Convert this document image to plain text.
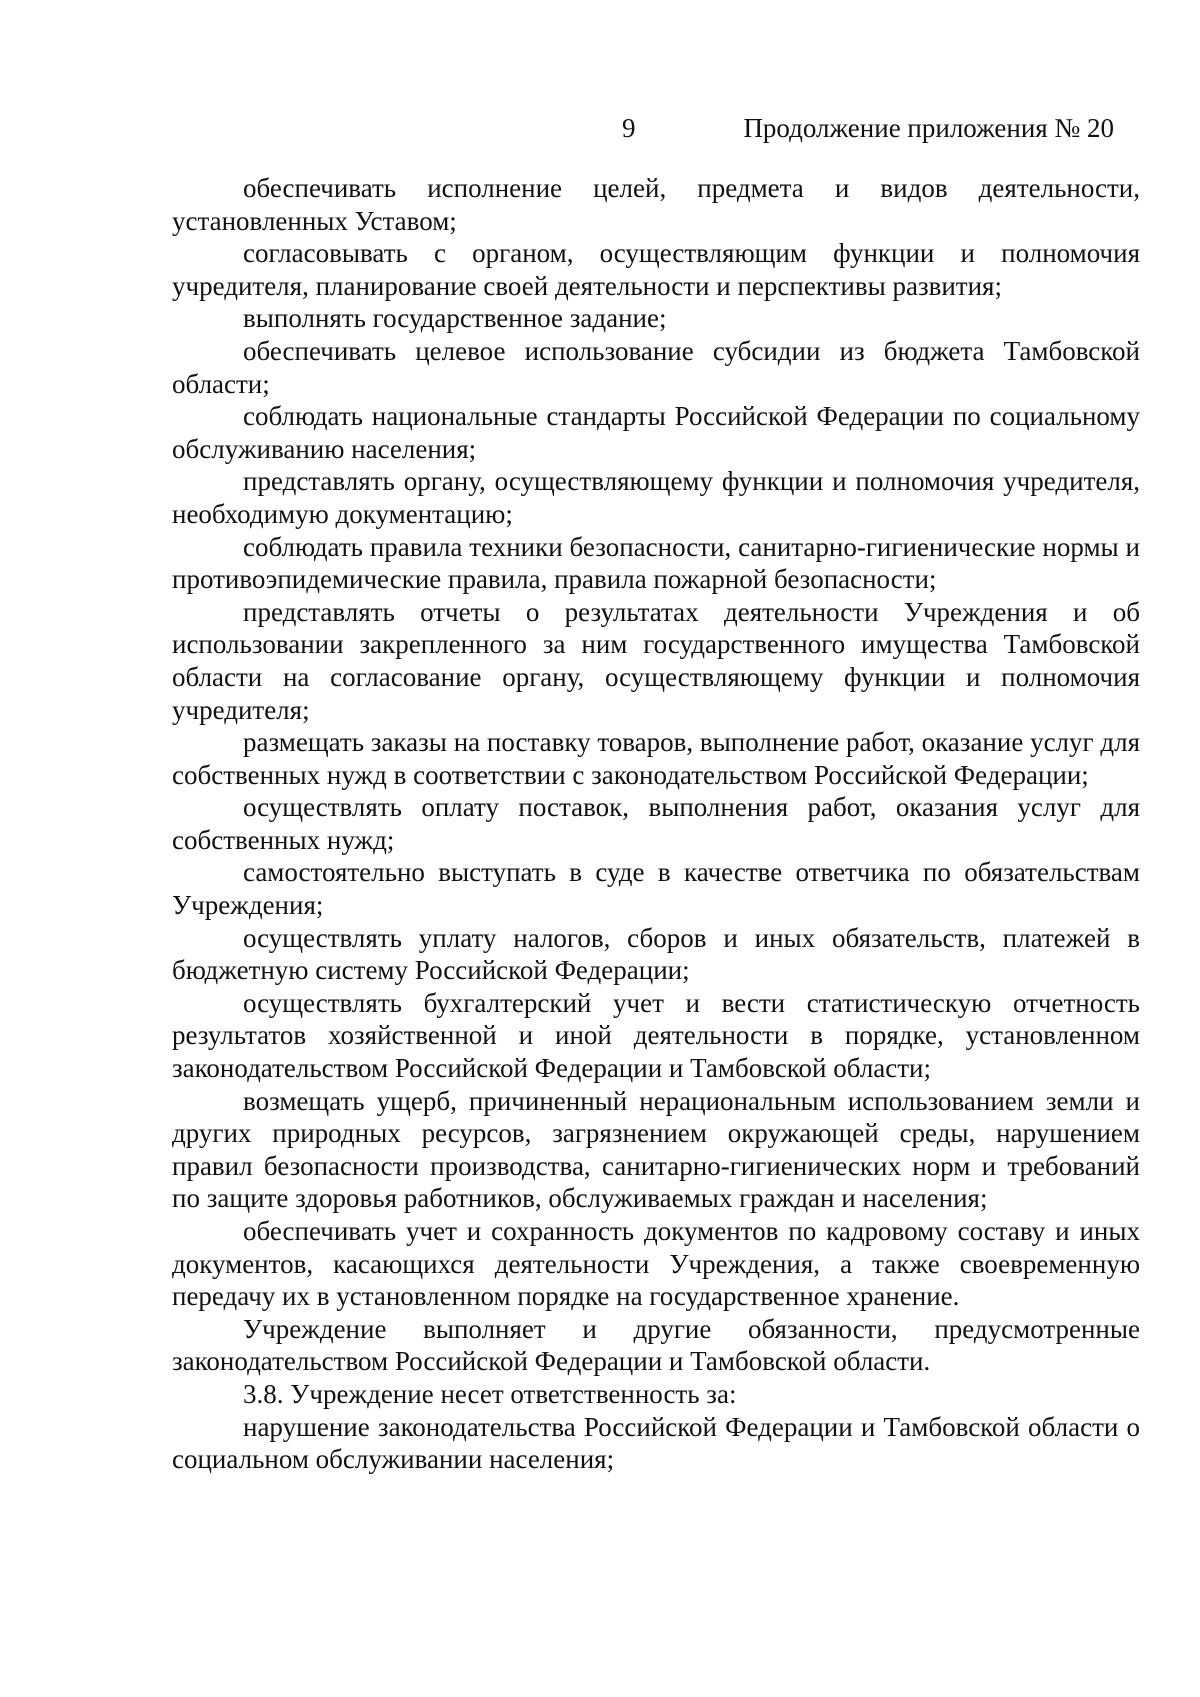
9	Продолжение приложения № 20

обеспечивать исполнение целей, предмета и видов деятельности, установленных Уставом;

согласовывать с органом, осуществляющим функции и полномочия учредителя, планирование своей деятельности и перспективы развития;

выполнять государственное задание;

обеспечивать целевое использование субсидии из бюджета Тамбовской области;

соблюдать национальные стандарты Российской Федерации по социальному обслуживанию населения;

представлять органу, осуществляющему функции и полномочия учредителя, необходимую документацию;

соблюдать правила техники безопасности, санитарно-гигиенические нормы и противоэпидемические правила, правила пожарной безопасности;

представлять отчеты о результатах деятельности Учреждения и об использовании закрепленного за ним государственного имущества Тамбовской области на согласование органу, осуществляющему функции и полномочия учредителя;

размещать заказы на поставку товаров, выполнение работ, оказание услуг для собственных нужд в соответствии с законодательством Российской Федерации;

осуществлять оплату поставок, выполнения работ, оказания услуг для собственных нужд;

самостоятельно выступать в суде в качестве ответчика по обязательствам Учреждения;

осуществлять уплату налогов, сборов и иных обязательств, платежей в бюджетную систему Российской Федерации;

осуществлять бухгалтерский учет и вести статистическую отчетность результатов хозяйственной и иной деятельности в порядке, установленном законодательством Российской Федерации и Тамбовской области;

возмещать ущерб, причиненный нерациональным использованием земли и других природных ресурсов, загрязнением окружающей среды, нарушением правил безопасности производства, санитарно-гигиенических норм и требований по защите здоровья работников, обслуживаемых граждан и населения;

обеспечивать учет и сохранность документов по кадровому составу и иных документов, касающихся деятельности Учреждения, а также своевременную передачу их в установленном порядке на государственное хранение.

Учреждение выполняет и другие обязанности, предусмотренные законодательством Российской Федерации и Тамбовской области.

3.8. Учреждение несет ответственность за:

нарушение законодательства Российской Федерации и Тамбовской области о социальном обслуживании населения;
